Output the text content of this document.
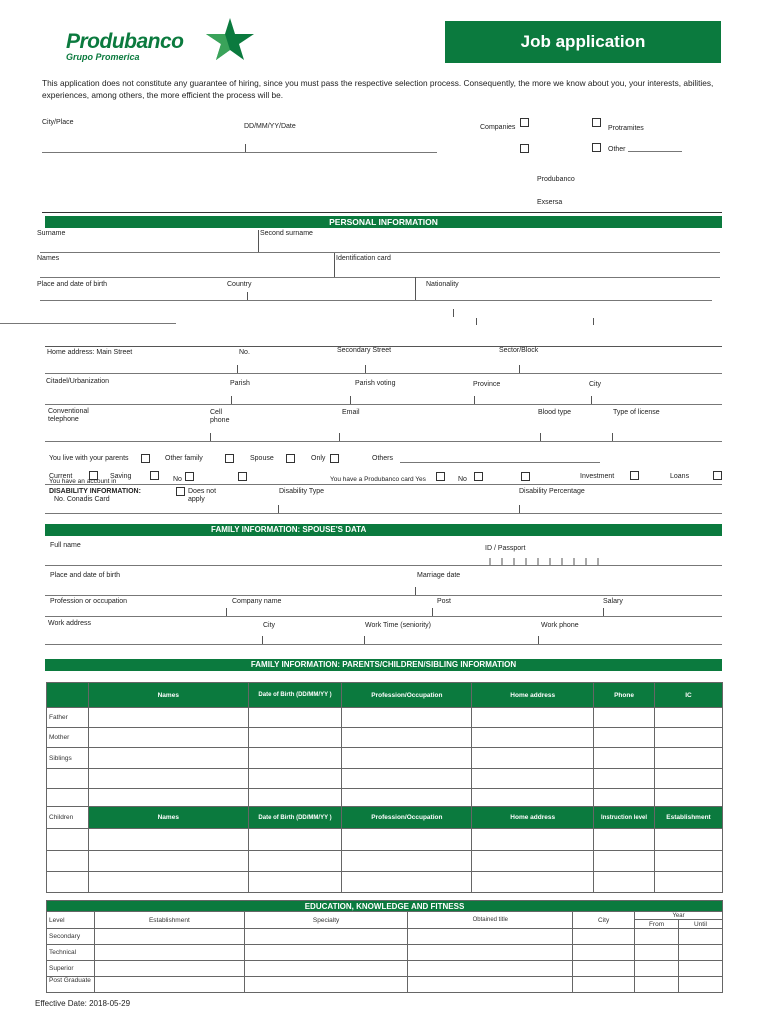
Produbanco
Grupo Promerica
Job application
This application does not constitute any guarantee of hiring, since you must pass the respective selection process. Consequently, the more we know about you, your interests, abilities, experiences, among others, the more efficient the process will be.
City/Place
DD/MM/YY/Date	Companies	Protramites
Other
Produbanco Exsersa
PERSONAL INFORMATION
Surname	Second surname
Names	Identification card
Place and date of birth	Country	Nationality
Home address: Main Street	No.	Secondary Street	Sector/Block
Citadel/Urbanization	Parish	Parish voting	Province	City
Conventional telephone
Cell phone
Email	Blood type	Type of license
You live with your parents	Other family	Spouse	Only	Others
Current	Saving
You have an account in	No	You have a Produbanco card Yes	No	Investment	Loans
DISABILITY INFORMATION:
No. Conadis Card
Does not apply
Disability Type	Disability Percentage
FAMILY INFORMATION: SPOUSE'S DATA
Full name	ID / Passport
Place and date of birth	Marriage date
Profession or occupation	Company name	Post	Salary
Work address	City	Work Time (seniority)	Work phone
FAMILY INFORMATION: PARENTS/CHILDREN/SIBLING INFORMATION
	Names	Date of Birth (DD/MM/YY )	Profession/Occupation	Home address	Phone	IC
Father						
Mother						
Siblings						

Children	Names	Date of Birth (DD/MM/YY )	Profession/Occupation	Home address	Instruction level	Establishment

EDUCATION, KNOWLEDGE AND FITNESS						
Level	Establishment	Specialty	Obtained title	City	Year	
					From	Until
Secondary						
Technical						
Superior						
Post Graduate						
Effective Date: 2018-05-29
